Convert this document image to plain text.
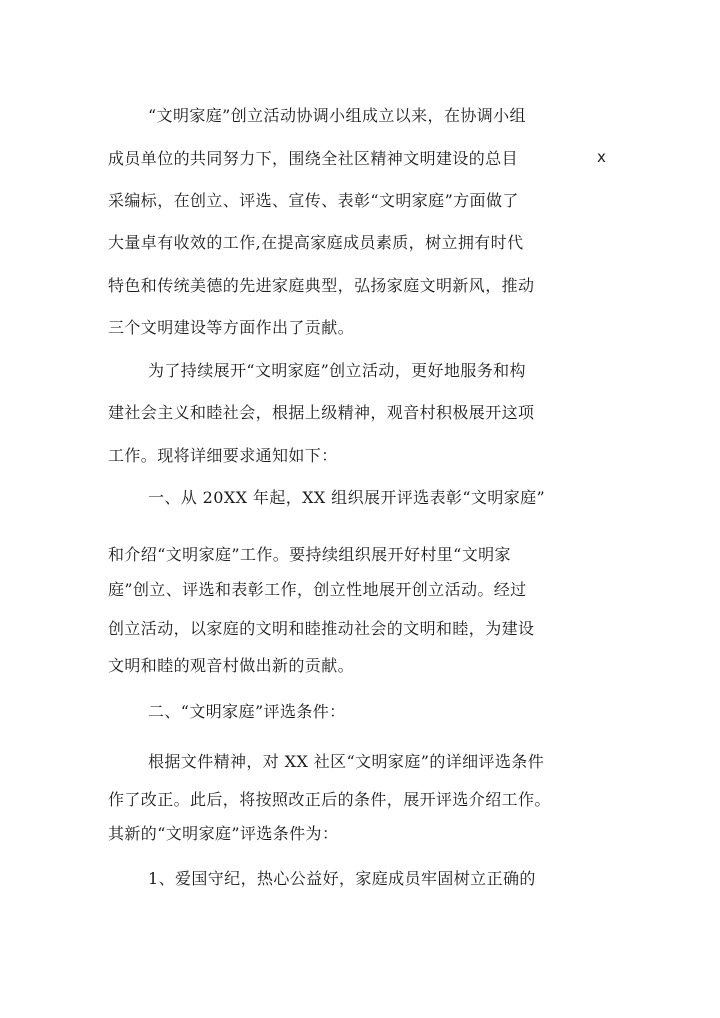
“文明家庭”创立活动协调小组成立以来，在协调小组
成员单位的共同努力下，围绕全社区精神文明建设的总目	x
采编标，在创立、评选、宣传、表彰“文明家庭”方面做了
大量卓有收效的工作,在提高家庭成员素质，树立拥有时代
特色和传统美德的先进家庭典型，弘扬家庭文明新风，推动
三个文明建设等方面作出了贡献。
为了持续展开“文明家庭”创立活动，更好地服务和构
建社会主义和睦社会，根据上级精神，观音村积极展开这项
工作。现将详细要求通知如下：
一、从 20XX 年起，XX 组织展开评选表彰“文明家庭”
和介绍“文明家庭”工作。要持续组织展开好村里“文明家
庭”创立、评选和表彰工作，创立性地展开创立活动。经过
创立活动，以家庭的文明和睦推动社会的文明和睦，为建设
文明和睦的观音村做出新的贡献。
二、“文明家庭”评选条件：
根据文件精神，对 XX 社区“文明家庭”的详细评选条件
作了改正。此后，将按照改正后的条件，展开评选介绍工作。
其新的“文明家庭”评选条件为：
1、爱国守纪，热心公益好，家庭成员牢固树立正确的
